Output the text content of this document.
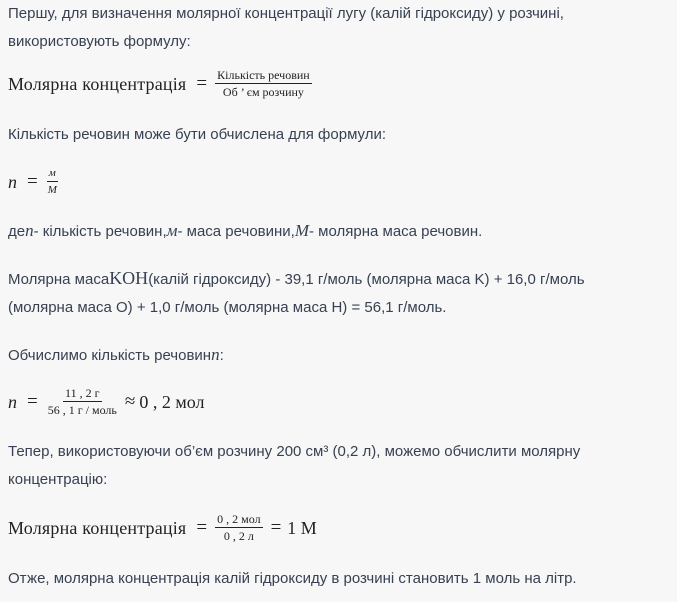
Першу, для визначення молярної концентрації лугу (калій гідроксиду) у розчині, використовують формулу:

Молярна концентрація = $\frac{\text{Кількість речовин}}{\text{Об ’ єм розчину}}$

Кількість речовин може бути обчислена для формули:

$n = \frac{м}{M}$

деn- кількість речовин,м- маса речовини,M- молярна маса речовин.

Молярна масаKOH(калій гідроксиду) - 39,1 г/моль (молярна маса K) + 16,0 г/моль (молярна маса O) + 1,0 г/моль (молярна маса H) = 56,1 г/моль.

Обчислимо кількість речовинn:

$n = \frac{11 , 2 г}{\text{56 , 1 г / моль}} \approx 0$ , 2 мол

Тепер, використовуючи об’єм розчину 200 см³ (0,2 л), можемо обчислити молярну концентрацію:

Молярна концентрація = $\frac{\text{0 , 2 мол}}{0 , 2 л} = 1$ M

Отже, молярна концентрація калій гідроксиду в розчині становить 1 моль на літр.
